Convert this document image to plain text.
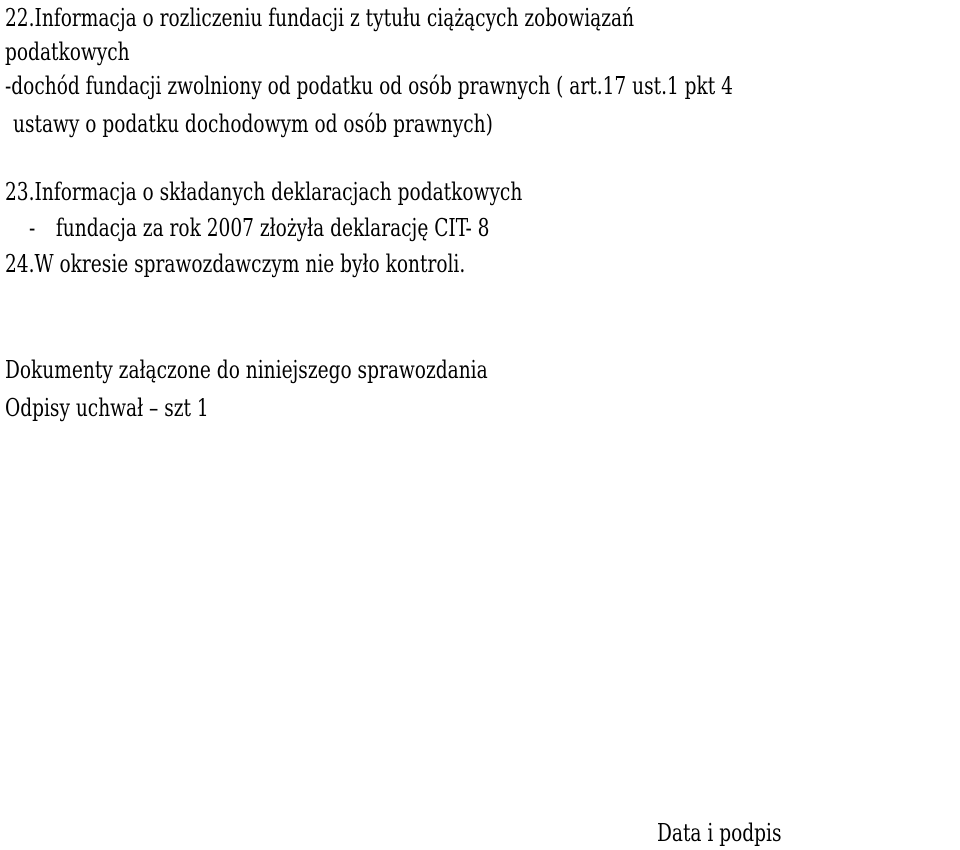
22.Informacja o rozliczeniu fundacji z tytułu ciążących zobowiązań
podatkowych
-dochód fundacji zwolniony od podatku od osób prawnych ( art.17 ust.1 pkt 4
ustawy o podatku dochodowym od osób prawnych)
23.Informacja o składanych deklaracjach podatkowych
- fundacja za rok 2007 złożyła deklarację CIT- 8
24.W okresie sprawozdawczym nie było kontroli.
Dokumenty załączone do niniejszego sprawozdania
Odpisy uchwał – szt 1
Data i podpis
